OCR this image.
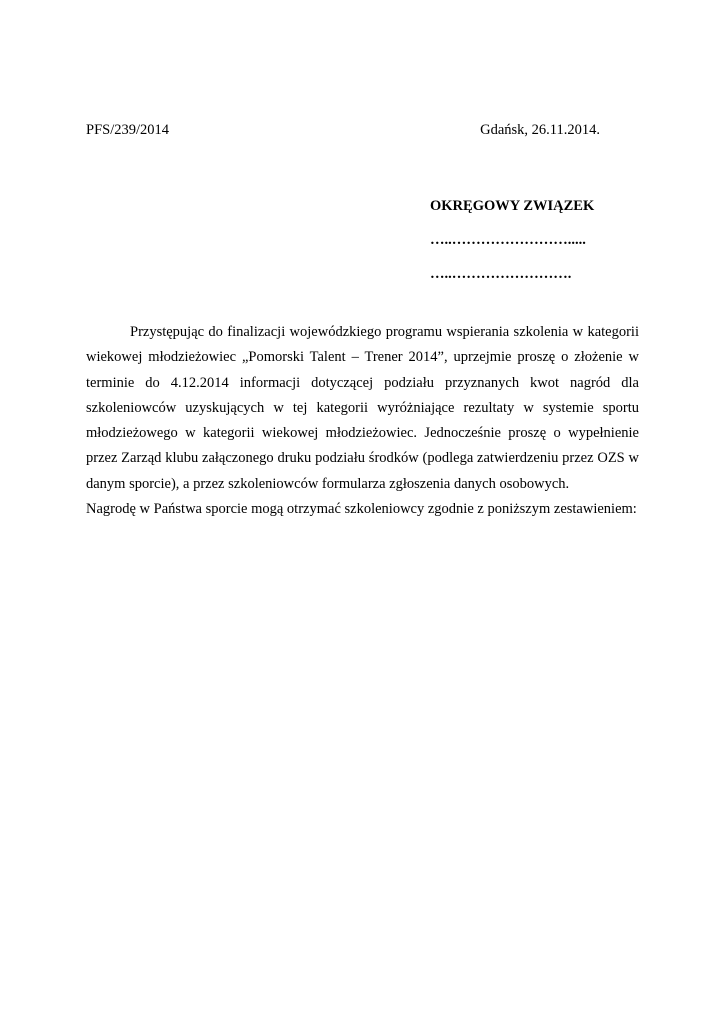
PFS/239/2014	Gdańsk, 26.11.2014.
OKRĘGOWY ZWIĄZEK
…..…………………….....
…..…………………….

Przystępując do finalizacji wojewódzkiego programu wspierania szkolenia w kategorii wiekowej młodzieżowiec „Pomorski Talent – Trener 2014”, uprzejmie proszę o złożenie w terminie do 4.12.2014 informacji dotyczącej podziału przyznanych kwot nagród dla szkoleniowców uzyskujących w tej kategorii wyróżniające rezultaty w systemie sportu młodzieżowego w kategorii wiekowej młodzieżowiec. Jednocześnie proszę o wypełnienie przez Zarząd klubu załączonego druku podziału środków (podlega zatwierdzeniu przez OZS w danym sporcie), a przez szkoleniowców formularza zgłoszenia danych osobowych.

Nagrodę w Państwa sporcie mogą otrzymać szkoleniowcy zgodnie z poniższym zestawieniem:
